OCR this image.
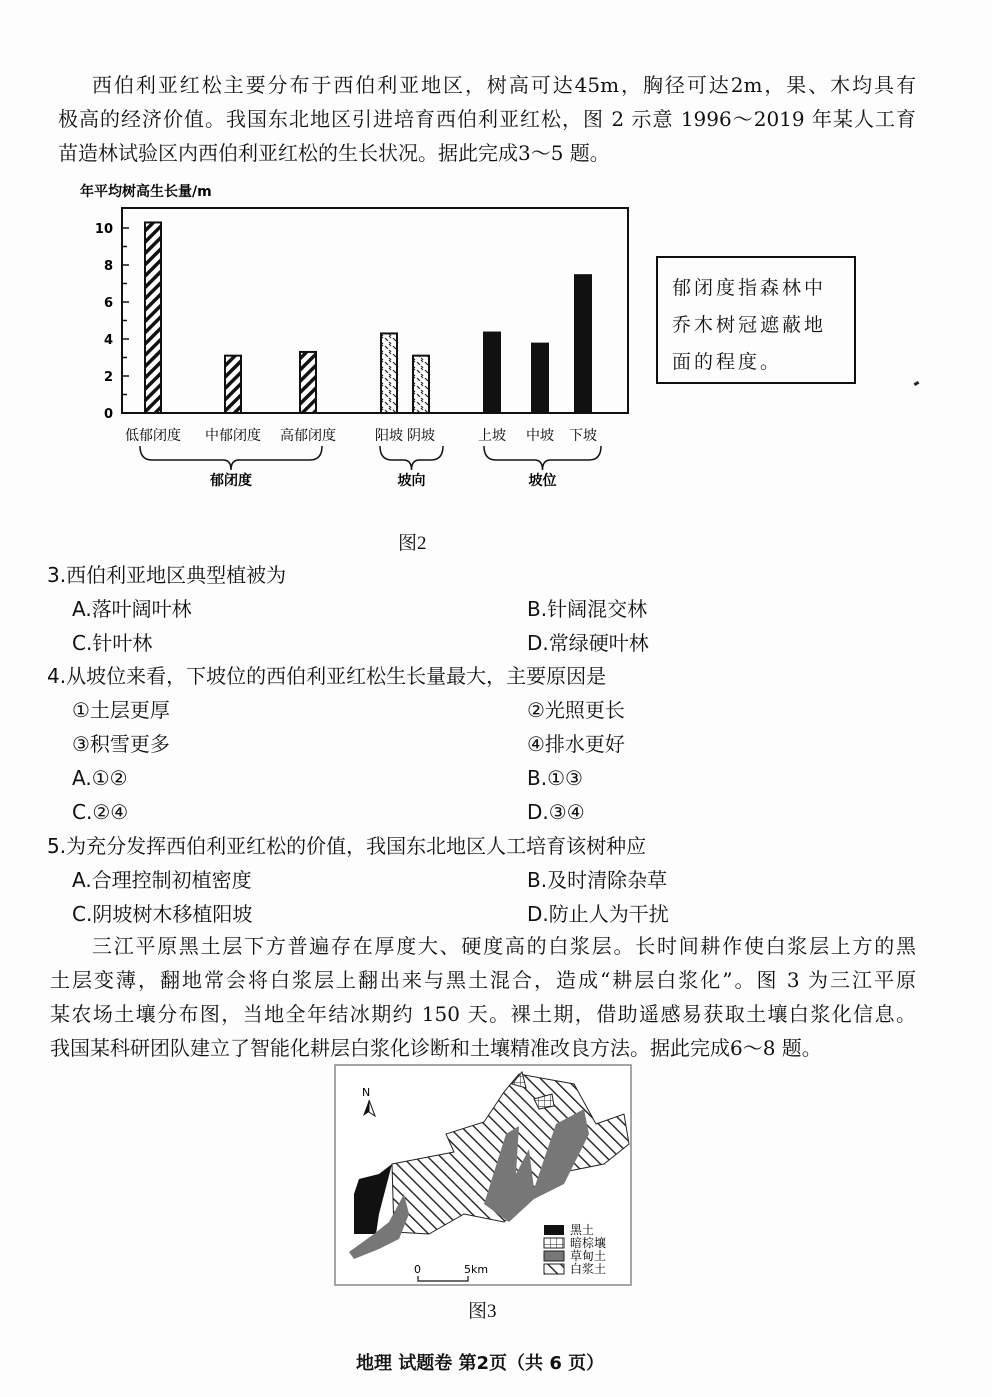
西伯利亚红松主要分布于西伯利亚地区，树高可达45m，胸径可达2m，果、木均具有
极高的经济价值。我国东北地区引进培育西伯利亚红松，图 2 示意 1996～2019 年某人工育
苗造林试验区内西伯利亚红松的生长状况。据此完成3～5 题。
年平均树高生长量/m
0
2
4
6
8
10
低郁闭度 中郁闭度 高郁闭度	阳坡 阴坡	上坡 中坡 下坡
郁闭度	坡向	坡位
郁闭度指森林中乔木树冠遮蔽地面的程度。
图2
3.西伯利亚地区典型植被为
A.落叶阔叶林	B.针阔混交林
C.针叶林	D.常绿硬叶林
4.从坡位来看，下坡位的西伯利亚红松生长量最大，主要原因是
①土层更厚	②光照更长
③积雪更多	④排水更好
A.①②	B.①③
C.②④	D.③④
5.为充分发挥西伯利亚红松的价值，我国东北地区人工培育该树种应
A.合理控制初植密度	B.及时清除杂草
C.阴坡树木移植阳坡	D.防止人为干扰
三江平原黑土层下方普遍存在厚度大、硬度高的白浆层。长时间耕作使白浆层上方的黑
土层变薄，翻地常会将白浆层上翻出来与黑土混合，造成“耕层白浆化”。图 3 为三江平原
某农场土壤分布图，当地全年结冰期约 150 天。裸土期，借助遥感易获取土壤白浆化信息。
我国某科研团队建立了智能化耕层白浆化诊断和土壤精准改良方法。据此完成6～8 题。
N
0	5km
黑土
暗棕壤
草甸土
白浆土
图3
地理 试题卷 第2页（共 6 页）
